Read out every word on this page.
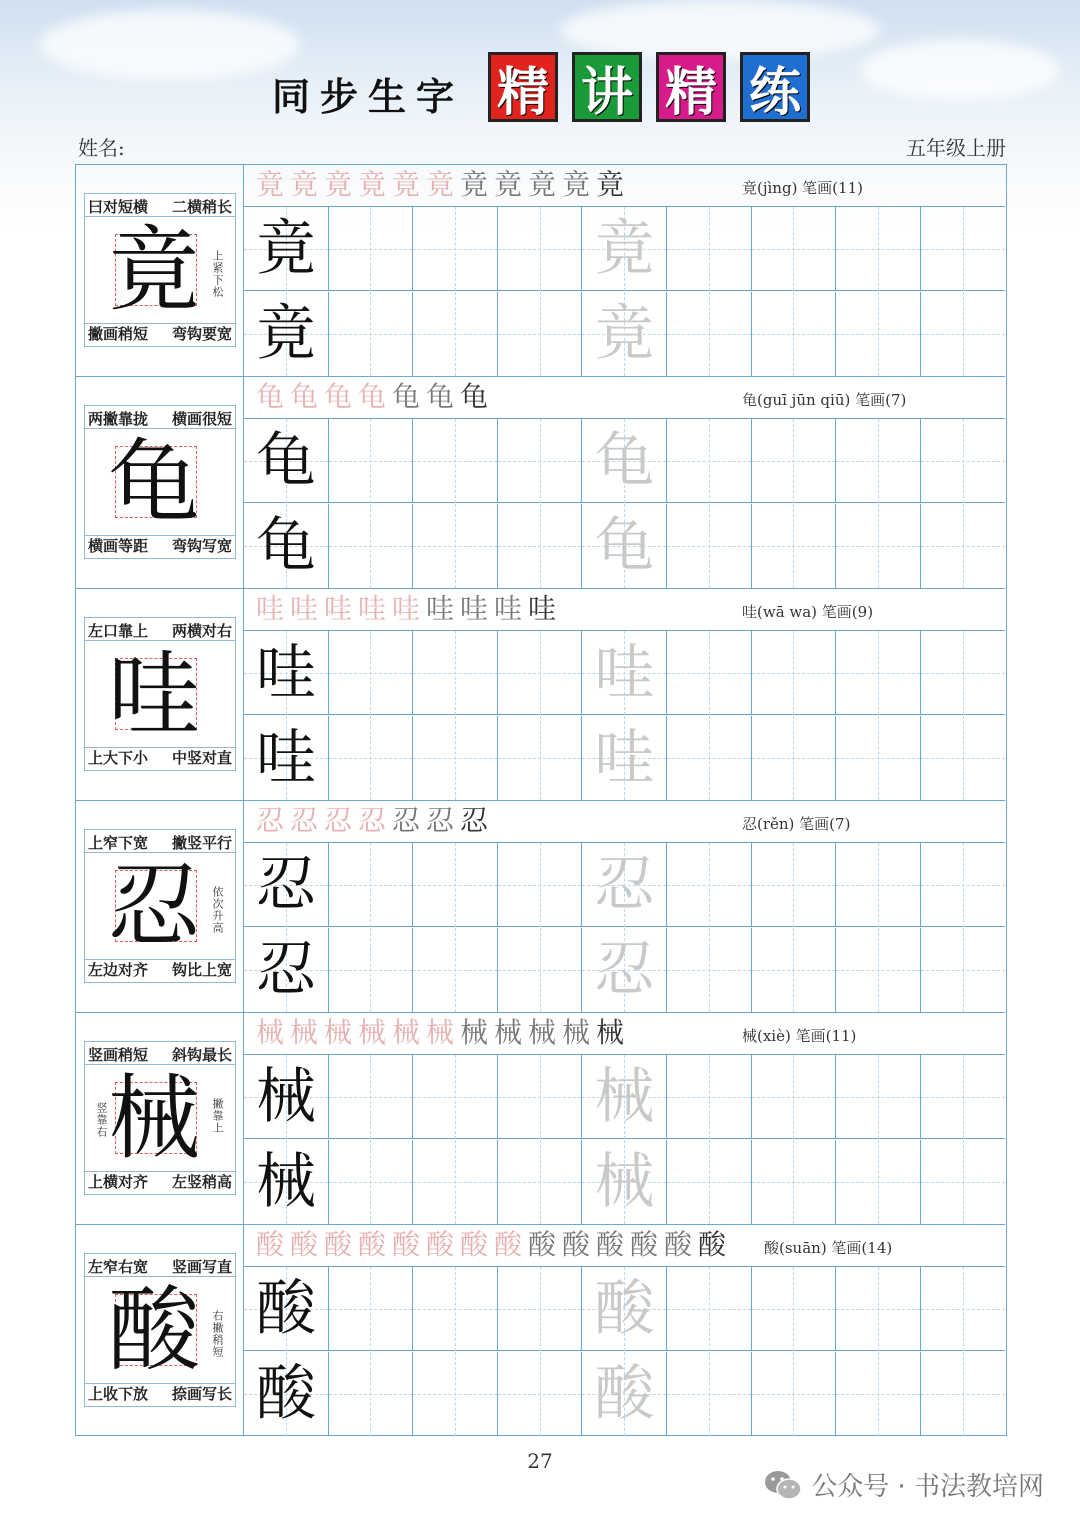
同步生字 精 讲 精 练
姓名:	五年级上册
曰对短横 二横稍长
撇画稍短 弯钩要宽
竟	上紧下松
竟 竟 竟 竟 竟 竟 竟 竟 竟 竟 竟	竟(jìng) 笔画(11)
竟	竟
竟	竟
两撇靠拢 横画很短
横画等距 弯钩写宽
龟
龟 龟 龟 龟 龟 龟 龟	龟(guī jūn qiū) 笔画(7)
龟	龟
龟	龟
左口靠上 两横对右
上大下小 中竖对直
哇
哇 哇 哇 哇 哇 哇 哇 哇 哇	哇(wā wa) 笔画(9)
哇	哇
哇	哇
上窄下宽 撇竖平行
左边对齐 钩比上宽
忍	依次升高
忍 忍 忍 忍 忍 忍 忍	忍(rěn) 笔画(7)
忍	忍
忍	忍
竖画稍短 斜钩最长
上横对齐 左竖稍高
械	撇靠上
竖靠右
械 械 械 械 械 械 械 械 械 械 械	械(xiè) 笔画(11)
械	械
械	械
左窄右宽 竖画写直
上收下放 捺画写长
酸	右撇稍短
酸 酸 酸 酸 酸 酸 酸 酸 酸 酸 酸 酸 酸 酸	酸(suān) 笔画(14)
酸	酸
酸	酸
27
公众号 · 书法教培网
